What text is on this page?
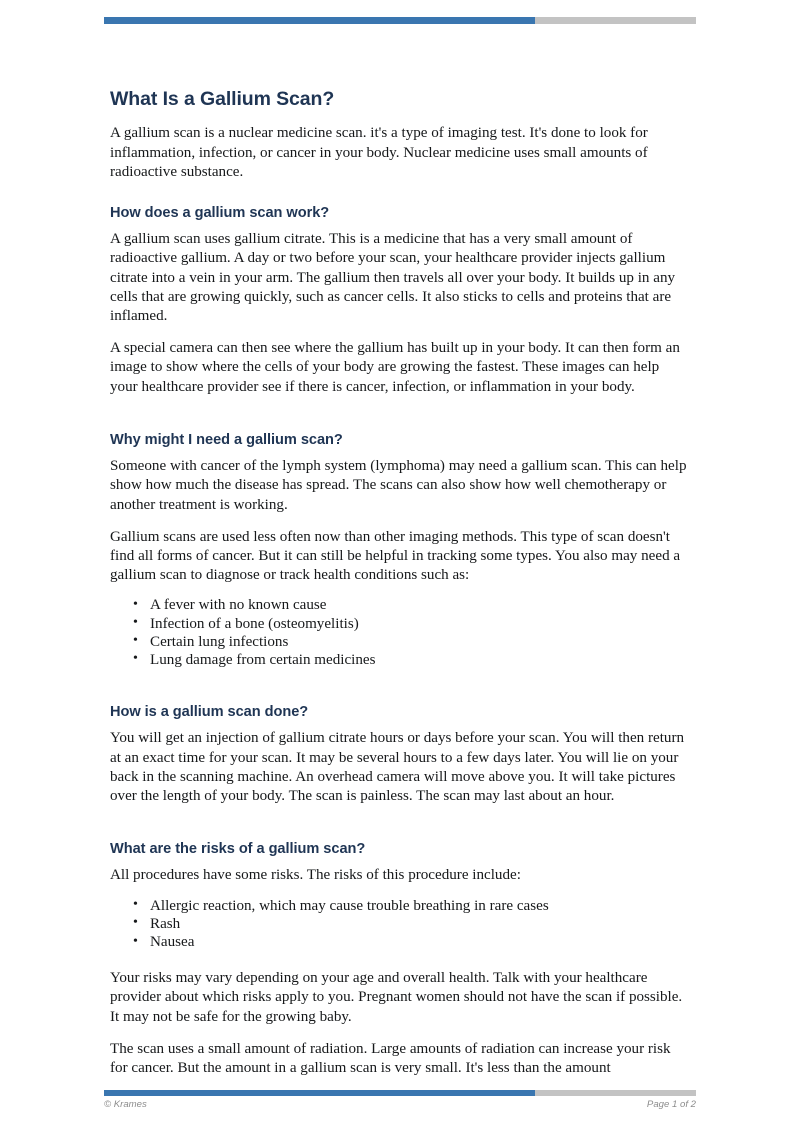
What Is a Gallium Scan?

A gallium scan is a nuclear medicine scan. it's a type of imaging test. It's done to look for inflammation, infection, or cancer in your body. Nuclear medicine uses small amounts of radioactive substance.

How does a gallium scan work?

A gallium scan uses gallium citrate. This is a medicine that has a very small amount of radioactive gallium. A day or two before your scan, your healthcare provider injects gallium citrate into a vein in your arm. The gallium then travels all over your body. It builds up in any cells that are growing quickly, such as cancer cells. It also sticks to cells and proteins that are inflamed.

A special camera can then see where the gallium has built up in your body. It can then form an image to show where the cells of your body are growing the fastest. These images can help your healthcare provider see if there is cancer, infection, or inflammation in your body.

Why might I need a gallium scan?

Someone with cancer of the lymph system (lymphoma) may need a gallium scan. This can help show how much the disease has spread. The scans can also show how well chemotherapy or another treatment is working.

Gallium scans are used less often now than other imaging methods. This type of scan doesn't find all forms of cancer. But it can still be helpful in tracking some types. You also may need a gallium scan to diagnose or track health conditions such as:

• A fever with no known cause
• Infection of a bone (osteomyelitis)
• Certain lung infections
• Lung damage from certain medicines
How is a gallium scan done?

You will get an injection of gallium citrate hours or days before your scan. You will then return at an exact time for your scan. It may be several hours to a few days later. You will lie on your back in the scanning machine. An overhead camera will move above you. It will take pictures over the length of your body. The scan is painless. The scan may last about an hour.

What are the risks of a gallium scan?

All procedures have some risks. The risks of this procedure include:

• Allergic reaction, which may cause trouble breathing in rare cases
• Rash
• Nausea

Your risks may vary depending on your age and overall health. Talk with your healthcare provider about which risks apply to you. Pregnant women should not have the scan if possible. It may not be safe for the growing baby.

The scan uses a small amount of radiation. Large amounts of radiation can increase your risk for cancer. But the amount in a gallium scan is very small. It's less than the amount

© Krames	Page 1 of 2
